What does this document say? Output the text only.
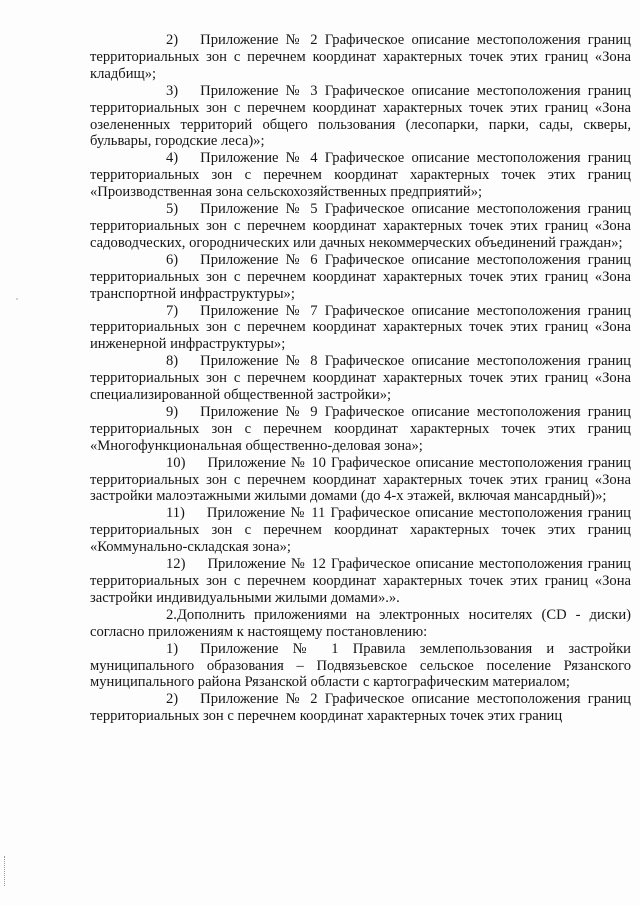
2) Приложение № 2 Графическое описание местоположения границ территориальных зон с перечнем координат характерных точек этих границ «Зона кладбищ»;

3) Приложение № 3 Графическое описание местоположения границ территориальных зон с перечнем координат характерных точек этих границ «Зона озелененных территорий общего пользования (лесопарки, парки, сады, скверы, бульвары, городские леса)»;

4) Приложение № 4 Графическое описание местоположения границ территориальных зон с перечнем координат характерных точек этих границ «Производственная зона сельскохозяйственных предприятий»;

5) Приложение № 5 Графическое описание местоположения границ территориальных зон с перечнем координат характерных точек этих границ «Зона садоводческих, огороднических или дачных некоммерческих объединений граждан»;

6) Приложение № 6 Графическое описание местоположения границ территориальных зон с перечнем координат характерных точек этих границ «Зона транспортной инфраструктуры»;

7) Приложение № 7 Графическое описание местоположения границ территориальных зон с перечнем координат характерных точек этих границ «Зона инженерной инфраструктуры»;

8) Приложение № 8 Графическое описание местоположения границ территориальных зон с перечнем координат характерных точек этих границ «Зона специализированной общественной застройки»;

9) Приложение № 9 Графическое описание местоположения границ территориальных зон с перечнем координат характерных точек этих границ «Многофункциональная общественно-деловая зона»;

10) Приложение № 10 Графическое описание местоположения границ территориальных зон с перечнем координат характерных точек этих границ «Зона застройки малоэтажными жилыми домами (до 4-х этажей, включая мансардный)»;

11) Приложение № 11 Графическое описание местоположения границ территориальных зон с перечнем координат характерных точек этих границ «Коммунально-складская зона»;

12) Приложение № 12 Графическое описание местоположения границ территориальных зон с перечнем координат характерных точек этих границ «Зона застройки индивидуальными жилыми домами».».

2.Дополнить приложениями на электронных носителях (CD - диски) согласно приложениям к настоящему постановлению:

1) Приложение № 1 Правила землепользования и застройки муниципального образования – Подвязьевское сельское поселение Рязанского муниципального района Рязанской области с картографическим материалом;

2) Приложение № 2 Графическое описание местоположения границ территориальных зон с перечнем координат характерных точек этих границ
